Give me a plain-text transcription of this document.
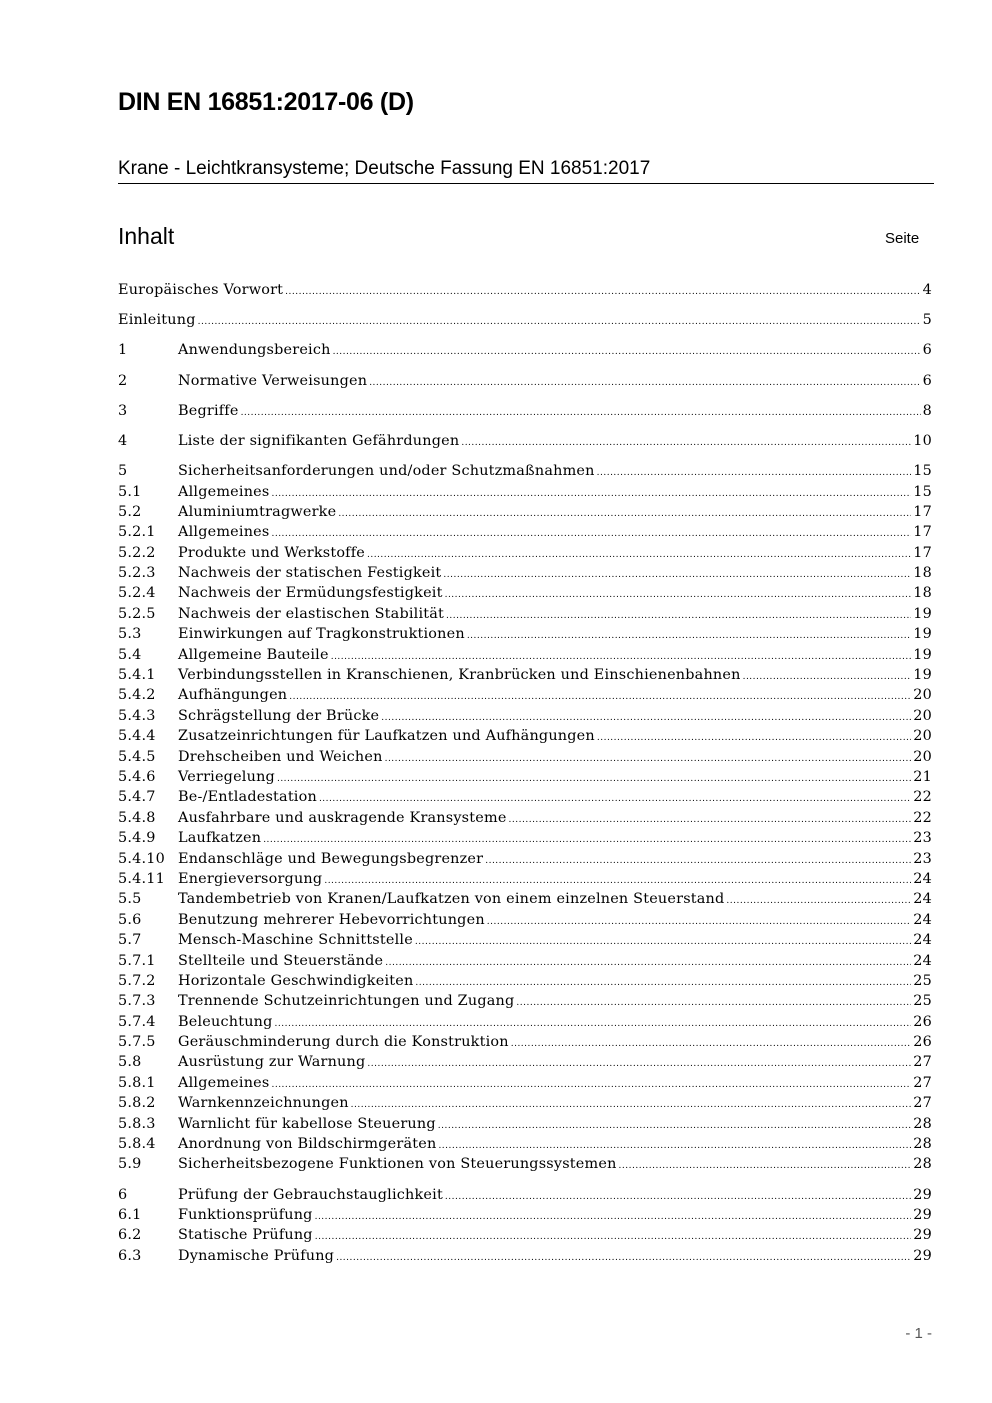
DIN EN 16851:2017-06 (D)
Krane - Leichtkransysteme; Deutsche Fassung EN 16851:2017
Inhalt	Seite
Europäisches Vorwort .....	4
Einleitung .....	5
1	Anwendungsbereich .....	6
2	Normative Verweisungen .....	6
3	Begriffe .....	8
4	Liste der signifikanten Gefährdungen .....	10
5	Sicherheitsanforderungen und/oder Schutzmaßnahmen .....	15
5.1	Allgemeines .....	15
5.2	Aluminiumtragwerke .....	17
5.2.1	Allgemeines .....	17
5.2.2	Produkte und Werkstoffe .....	17
5.2.3	Nachweis der statischen Festigkeit .....	18
5.2.4	Nachweis der Ermüdungsfestigkeit .....	18
5.2.5	Nachweis der elastischen Stabilität .....	19
5.3	Einwirkungen auf Tragkonstruktionen .....	19
5.4	Allgemeine Bauteile .....	19
5.4.1	Verbindungsstellen in Kranschienen, Kranbrücken und Einschienenbahnen .....	19
5.4.2	Aufhängungen .....	20
5.4.3	Schrägstellung der Brücke .....	20
5.4.4	Zusatzeinrichtungen für Laufkatzen und Aufhängungen .....	20
5.4.5	Drehscheiben und Weichen .....	20
5.4.6	Verriegelung .....	21
5.4.7	Be-/Entladestation .....	22
5.4.8	Ausfahrbare und auskragende Kransysteme .....	22
5.4.9	Laufkatzen .....	23
5.4.10 Endanschläge und Bewegungsbegrenzer .....	23
5.4.11 Energieversorgung .....	24
5.5	Tandembetrieb von Kranen/Laufkatzen von einem einzelnen Steuerstand .....	24
5.6	Benutzung mehrerer Hebevorrichtungen .....	24
5.7	Mensch-Maschine Schnittstelle .....	24
5.7.1	Stellteile und Steuerstände .....	24
5.7.2	Horizontale Geschwindigkeiten .....	25
5.7.3	Trennende Schutzeinrichtungen und Zugang .....	25
5.7.4	Beleuchtung .....	26
5.7.5	Geräuschminderung durch die Konstruktion .....	26
5.8	Ausrüstung zur Warnung .....	27
5.8.1	Allgemeines .....	27
5.8.2	Warnkennzeichnungen .....	27
5.8.3	Warnlicht für kabellose Steuerung .....	28
5.8.4	Anordnung von Bildschirmgeräten .....	28
5.9	Sicherheitsbezogene Funktionen von Steuerungssystemen .....	28
6	Prüfung der Gebrauchstauglichkeit .....	29
6.1	Funktionsprüfung .....	29
6.2	Statische Prüfung .....	29
6.3	Dynamische Prüfung .....	29
- 1 -
